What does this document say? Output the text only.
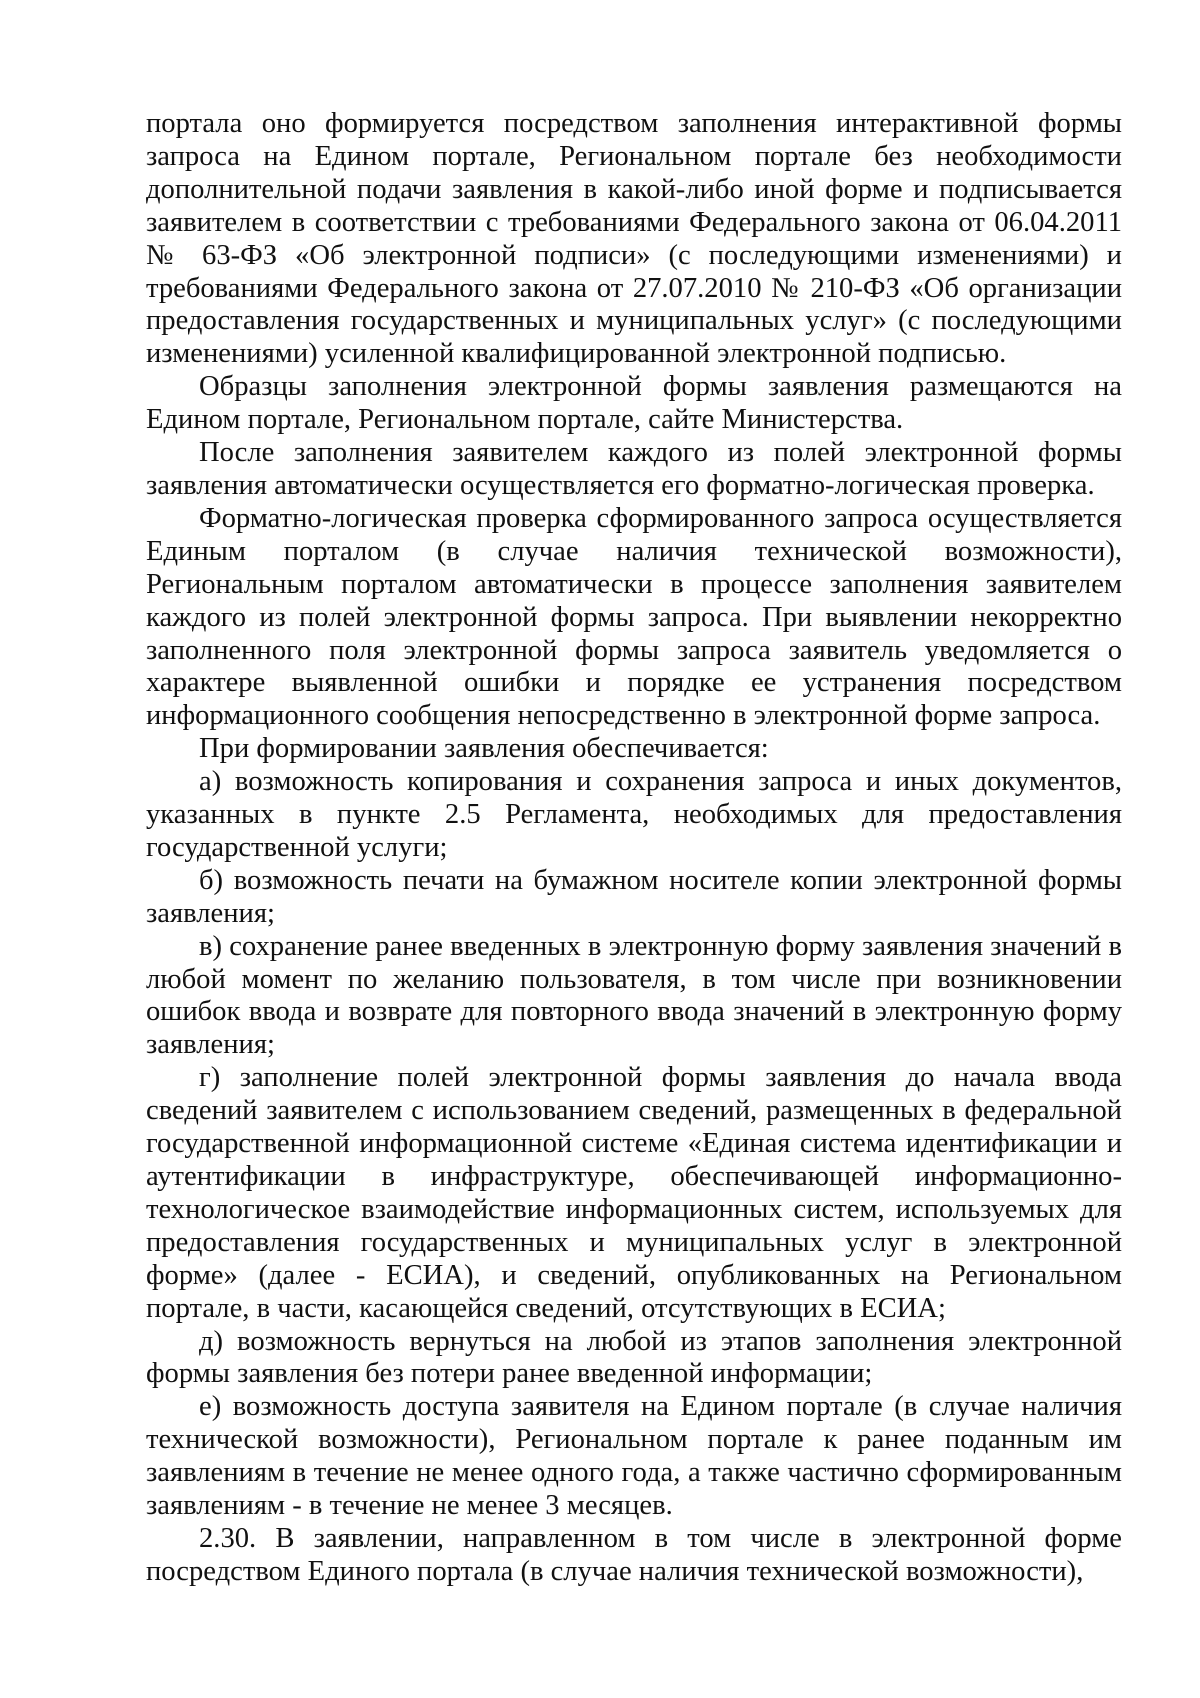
портала оно формируется посредством заполнения интерактивной формы запроса на Едином портале, Региональном портале без необходимости дополнительной подачи заявления в какой-либо иной форме и подписывается заявителем в соответствии с требованиями Федерального закона от 06.04.2011 № 63-ФЗ «Об электронной подписи» (с последующими изменениями) и требованиями Федерального закона от 27.07.2010 № 210-ФЗ «Об организации предоставления государственных и муниципальных услуг» (с последующими изменениями) усиленной квалифицированной электронной подписью.

Образцы заполнения электронной формы заявления размещаются на Едином портале, Региональном портале, сайте Министерства.

После заполнения заявителем каждого из полей электронной формы заявления автоматически осуществляется его форматно-логическая проверка.

Форматно-логическая проверка сформированного запроса осуществляется Единым порталом (в случае наличия технической возможности), Региональным порталом автоматически в процессе заполнения заявителем каждого из полей электронной формы запроса. При выявлении некорректно заполненного поля электронной формы запроса заявитель уведомляется о характере выявленной ошибки и порядке ее устранения посредством информационного сообщения непосредственно в электронной форме запроса.

При формировании заявления обеспечивается:

а) возможность копирования и сохранения запроса и иных документов, указанных в пункте 2.5 Регламента, необходимых для предоставления государственной услуги;

б) возможность печати на бумажном носителе копии электронной формы заявления;

в) сохранение ранее введенных в электронную форму заявления значений в любой момент по желанию пользователя, в том числе при возникновении ошибок ввода и возврате для повторного ввода значений в электронную форму заявления;

г) заполнение полей электронной формы заявления до начала ввода сведений заявителем с использованием сведений, размещенных в федеральной государственной информационной системе «Единая система идентификации и аутентификации в инфраструктуре, обеспечивающей информационно-технологическое взаимодействие информационных систем, используемых для предоставления государственных и муниципальных услуг в электронной форме» (далее - ЕСИА), и сведений, опубликованных на Региональном портале, в части, касающейся сведений, отсутствующих в ЕСИА;

д) возможность вернуться на любой из этапов заполнения электронной формы заявления без потери ранее введенной информации;

е) возможность доступа заявителя на Едином портале (в случае наличия технической возможности), Региональном портале к ранее поданным им заявлениям в течение не менее одного года, а также частично сформированным заявлениям - в течение не менее 3 месяцев.

2.30. В заявлении, направленном в том числе в электронной форме посредством Единого портала (в случае наличия технической возможности),
